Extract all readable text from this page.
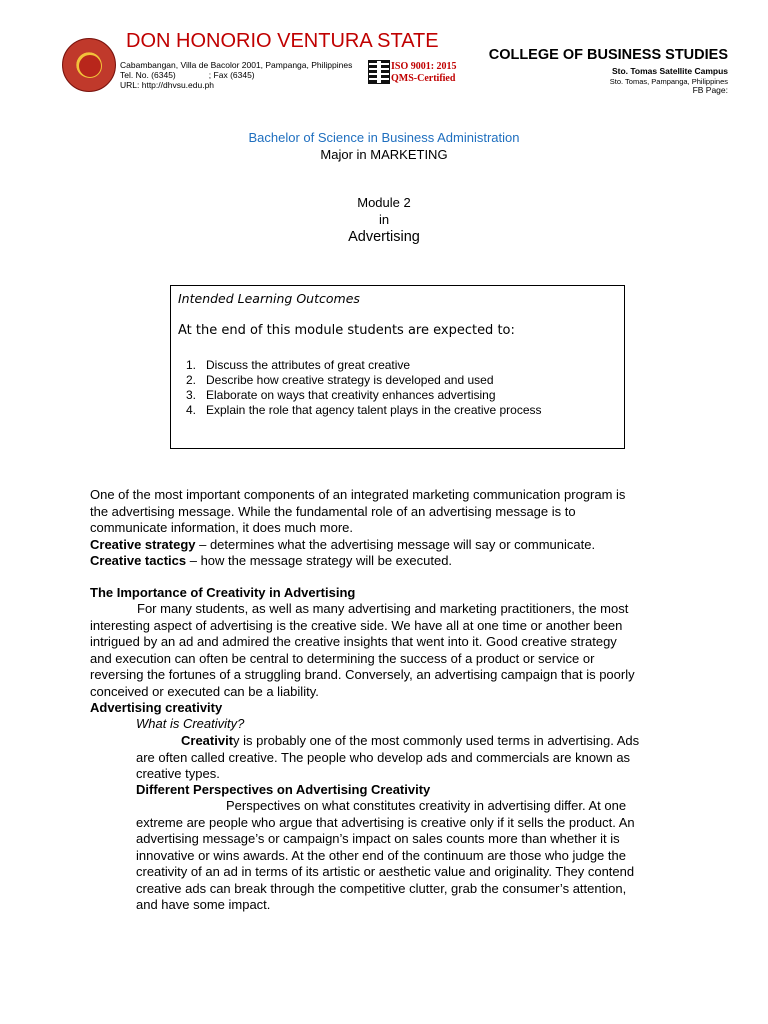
DON HONORIO VENTURA STATE
Cabambangan, Villa de Bacolor 2001, Pampanga, Philippines
Tel. No. (6345)              ; Fax (6345)
URL: http://dhvsu.edu.ph
ISO 9001: 2015
QMS-Certified
COLLEGE OF BUSINESS STUDIES
Sto. Tomas Satellite Campus
Sto. Tomas, Pampanga, Philippines
FB Page:
Bachelor of Science in Business Administration
Major in MARKETING
Module 2
in
Advertising
Intended Learning Outcomes
At the end of this module students are expected to:
1. Discuss the attributes of great creative
2. Describe how creative strategy is developed and used
3. Elaborate on ways that creativity enhances advertising
4. Explain the role that agency talent plays in the creative process
One of the most important components of an integrated marketing communication program is
the advertising message. While the fundamental role of an advertising message is to
communicate information, it does much more.
Creative strategy – determines what the advertising message will say or communicate.
Creative tactics – how the message strategy will be executed.
The Importance of Creativity in Advertising
For many students, as well as many advertising and marketing practitioners, the most
interesting aspect of advertising is the creative side. We have all at one time or another been
intrigued by an ad and admired the creative insights that went into it. Good creative strategy
and execution can often be central to determining the success of a product or service or
reversing the fortunes of a struggling brand. Conversely, an advertising campaign that is poorly
conceived or executed can be a liability.
Advertising creativity
What is Creativity?
Creativity is probably one of the most commonly used terms in advertising. Ads
are often called creative. The people who develop ads and commercials are known as
creative types.
Different Perspectives on Advertising Creativity
Perspectives on what constitutes creativity in advertising differ. At one
extreme are people who argue that advertising is creative only if it sells the product. An
advertising message’s or campaign’s impact on sales counts more than whether it is
innovative or wins awards. At the other end of the continuum are those who judge the
creativity of an ad in terms of its artistic or aesthetic value and originality. They contend
creative ads can break through the competitive clutter, grab the consumer’s attention,
and have some impact.
